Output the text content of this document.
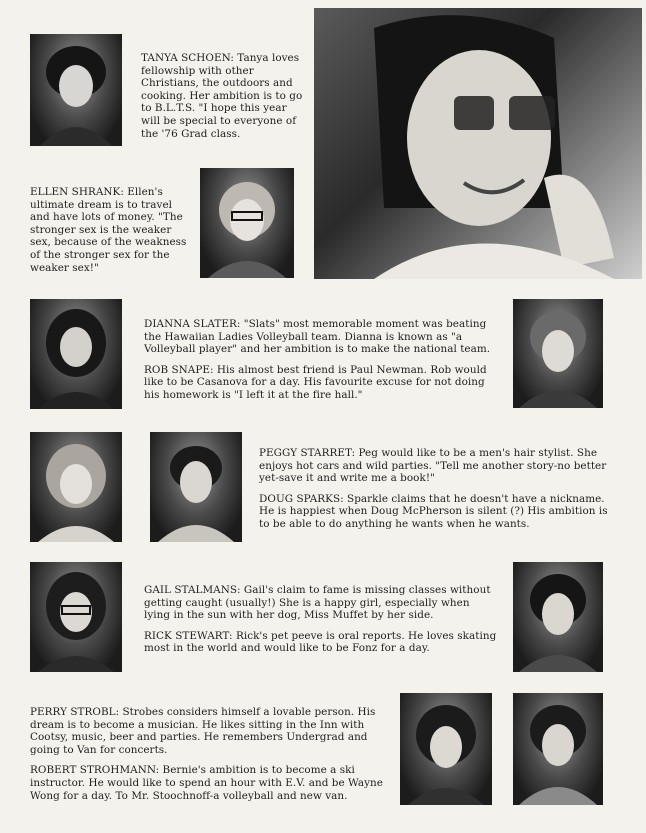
TANYA SCHOEN: Tanya loves fellowship with other Christians, the outdoors and cooking. Her ambition is to go to B.L.T.S. "I hope this year will be special to everyone of the '76 Grad class.

ELLEN SHRANK: Ellen's ultimate dream is to travel and have lots of money. "The stronger sex is the weaker sex, because of the weakness of the stronger sex for the weaker sex!"

DIANNA SLATER: "Slats" most memorable moment was beating the Hawaiian Ladies Volleyball team. Dianna is known as "a Volleyball player" and her ambition is to make the national team.

ROB SNAPE: His almost best friend is Paul Newman. Rob would like to be Casanova for a day. His favourite excuse for not doing his homework is "I left it at the fire hall."

PEGGY STARRET: Peg would like to be a men's hair stylist. She enjoys hot cars and wild parties. "Tell me another story-no better yet-save it and write me a book!"

DOUG SPARKS: Sparkle claims that he doesn't have a nickname. He is happiest when Doug McPherson is silent (?) His ambition is to be able to do anything he wants when he wants.

GAIL STALMANS: Gail's claim to fame is missing classes without getting caught (usually!) She is a happy girl, especially when lying in the sun with her dog, Miss Muffet by her side.

RICK STEWART: Rick's pet peeve is oral reports. He loves skating most in the world and would like to be Fonz for a day.

PERRY STROBL: Strobes considers himself a lovable person. His dream is to become a musician. He likes sitting in the Inn with Cootsy, music, beer and parties. He remembers Undergrad and going to Van for concerts.

ROBERT STROHMANN: Bernie's ambition is to become a ski instructor. He would like to spend an hour with E.V. and be Wayne Wong for a day. To Mr. Stoochnoff-a volleyball and new van.
